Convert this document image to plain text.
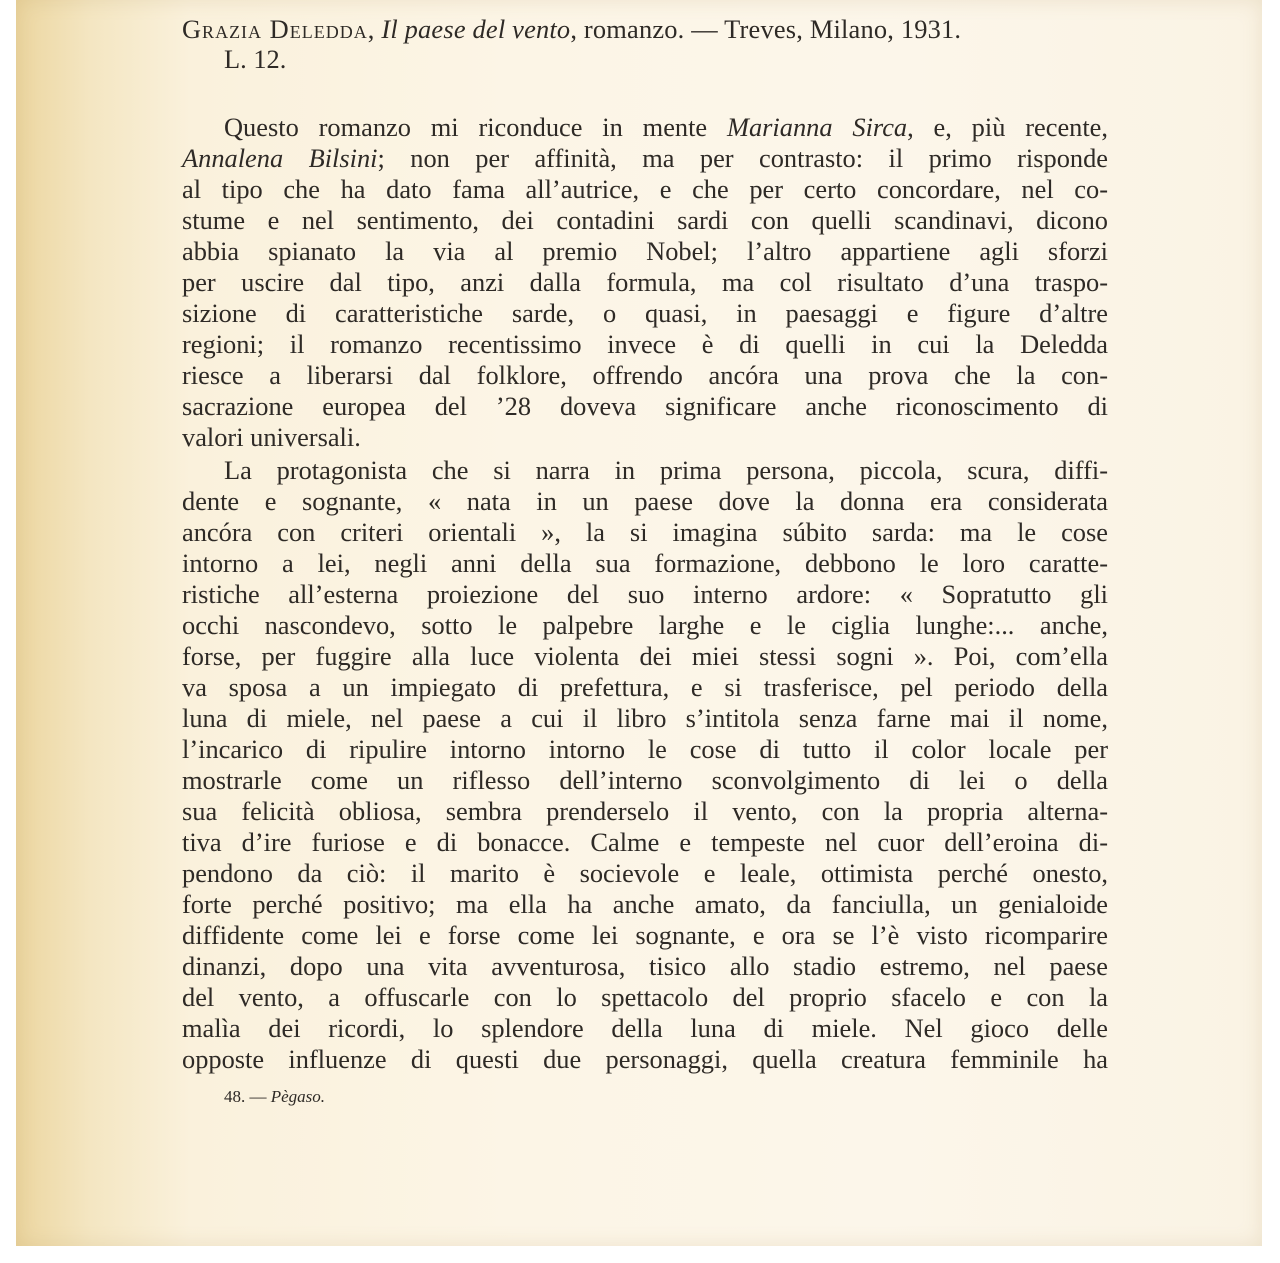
Grazia Deledda, Il paese del vento, romanzo. — Treves, Milano, 1931.
L. 12.
Questo romanzo mi riconduce in mente Marianna Sirca, e, più recente,
Annalena Bilsini; non per affinità, ma per contrasto: il primo risponde
al tipo che ha dato fama all’autrice, e che per certo concordare, nel co-
stume e nel sentimento, dei contadini sardi con quelli scandinavi, dicono
abbia spianato la via al premio Nobel; l’altro appartiene agli sforzi
per uscire dal tipo, anzi dalla formula, ma col risultato d’una traspo-
sizione di caratteristiche sarde, o quasi, in paesaggi e figure d’altre
regioni; il romanzo recentissimo invece è di quelli in cui la Deledda
riesce a liberarsi dal folklore, offrendo ancóra una prova che la con-
sacrazione europea del ’28 doveva significare anche riconoscimento di
valori universali.
La protagonista che si narra in prima persona, piccola, scura, diffi-
dente e sognante, « nata in un paese dove la donna era considerata
ancóra con criteri orientali », la si imagina súbito sarda: ma le cose
intorno a lei, negli anni della sua formazione, debbono le loro caratte-
ristiche all’esterna proiezione del suo interno ardore: « Sopratutto gli
occhi nascondevo, sotto le palpebre larghe e le ciglia lunghe:... anche,
forse, per fuggire alla luce violenta dei miei stessi sogni ». Poi, com’ella
va sposa a un impiegato di prefettura, e si trasferisce, pel periodo della
luna di miele, nel paese a cui il libro s’intitola senza farne mai il nome,
l’incarico di ripulire intorno intorno le cose di tutto il color locale per
mostrarle come un riflesso dell’interno sconvolgimento di lei o della
sua felicità obliosa, sembra prenderselo il vento, con la propria alterna-
tiva d’ire furiose e di bonacce. Calme e tempeste nel cuor dell’eroina di-
pendono da ciò: il marito è socievole e leale, ottimista perché onesto,
forte perché positivo; ma ella ha anche amato, da fanciulla, un genialoide
diffidente come lei e forse come lei sognante, e ora se l’è visto ricomparire
dinanzi, dopo una vita avventurosa, tisico allo stadio estremo, nel paese
del vento, a offuscarle con lo spettacolo del proprio sfacelo e con la
malìa dei ricordi, lo splendore della luna di miele. Nel gioco delle
opposte influenze di questi due personaggi, quella creatura femminile ha
48. — Pègaso.
